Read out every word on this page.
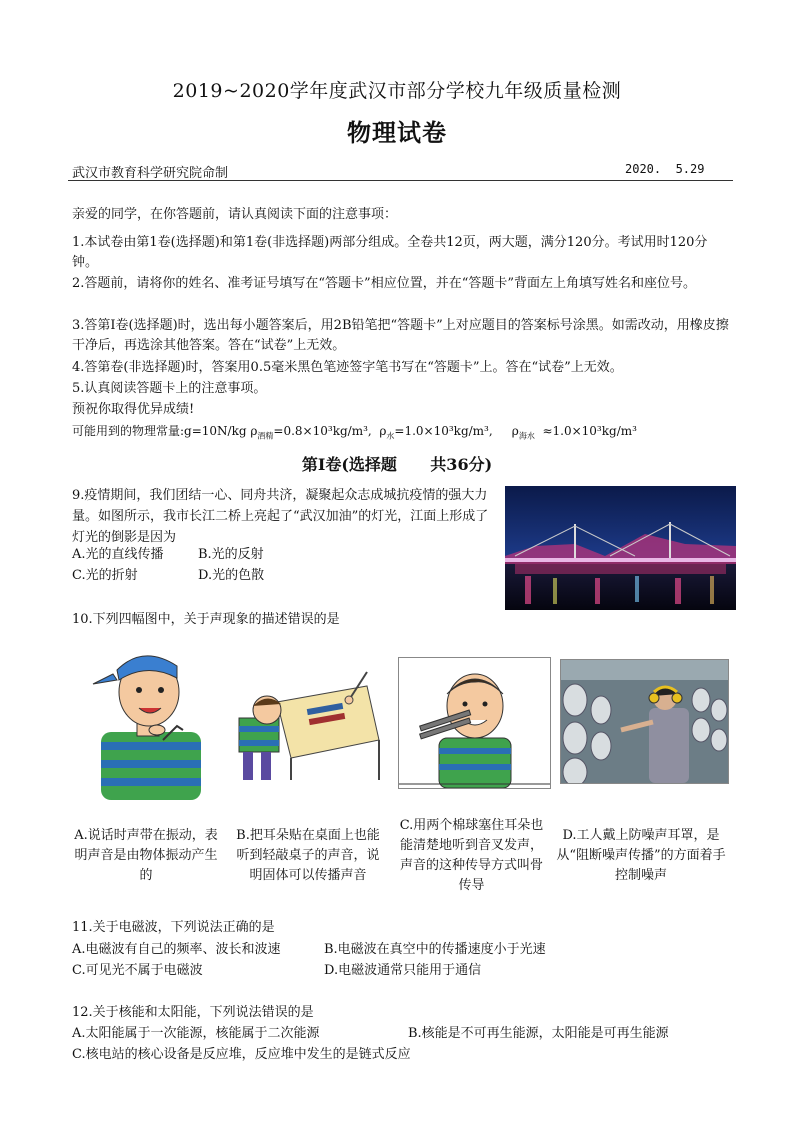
2019~2020学年度武汉市部分学校九年级质量检测
物理试卷
武汉市教育科学研究院命制	2020.  5.29
亲爱的同学，在你答题前，请认真阅读下面的注意事项：
1.本试卷由第1卷(选择题)和第1卷(非选择题)两部分组成。全卷共12页，两大题，满分120分。考试用时120分钟。
2.答题前，请将你的姓名、准考证号填写在“答题卡”相应位置，并在“答题卡”背面左上角填写姓名和座位号。
3.答第Ⅰ卷(选择题)时，选出每小题答案后，用2B铅笔把“答题卡”上对应题目的答案标号涂黑。如需改动，用橡皮擦干净后，再选涂其他答案。答在“试卷”上无效。
4.答第卷(非选择题)时，答案用0.5毫米黑色笔迹签字笔书写在“答题卡”上。答在“试卷”上无效。
5.认真阅读答题卡上的注意事项。
预祝你取得优异成绩!
可能用到的物理常量:g=10N/kg $\rho_{酒精}=0.8\times 10^3kg/m^3$, $\rho_水=1.0\times 10^3kg/m^3$, $\rho_{海水} \approx 1.0\times 10^3kg/m^3$
第Ⅰ卷(选择题      共36分)
9.疫情期间，我们团结一心、同舟共济，凝聚起众志成城抗疫情的强大力量。如图所示，我市长江二桥上亮起了“武汉加油”的灯光，江面上形成了灯光的倒影是因为
A.光的直线传播	B.光的反射
C.光的折射	D.光的色散
10.下列四幅图中，关于声现象的描述错误的是
A.说话时声带在振动，表明声音是由物体振动产生的
B.把耳朵贴在桌面上也能听到轻敲桌子的声音，说明固体可以传播声音
C.用两个棉球塞住耳朵也能清楚地听到音叉发声，声音的这种传导方式叫骨传导
D.工人戴上防噪声耳罩，是从“阻断噪声传播”的方面着手控制噪声
11.关于电磁波，下列说法正确的是
A.电磁波有自己的频率、波长和波速	B.电磁波在真空中的传播速度小于光速
C.可见光不属于电磁波	D.电磁波通常只能用于通信
12.关于核能和太阳能，下列说法错误的是
A.太阳能属于一次能源，核能属于二次能源	B.核能是不可再生能源，太阳能是可再生能源
C.核电站的核心设备是反应堆，反应堆中发生的是链式反应
